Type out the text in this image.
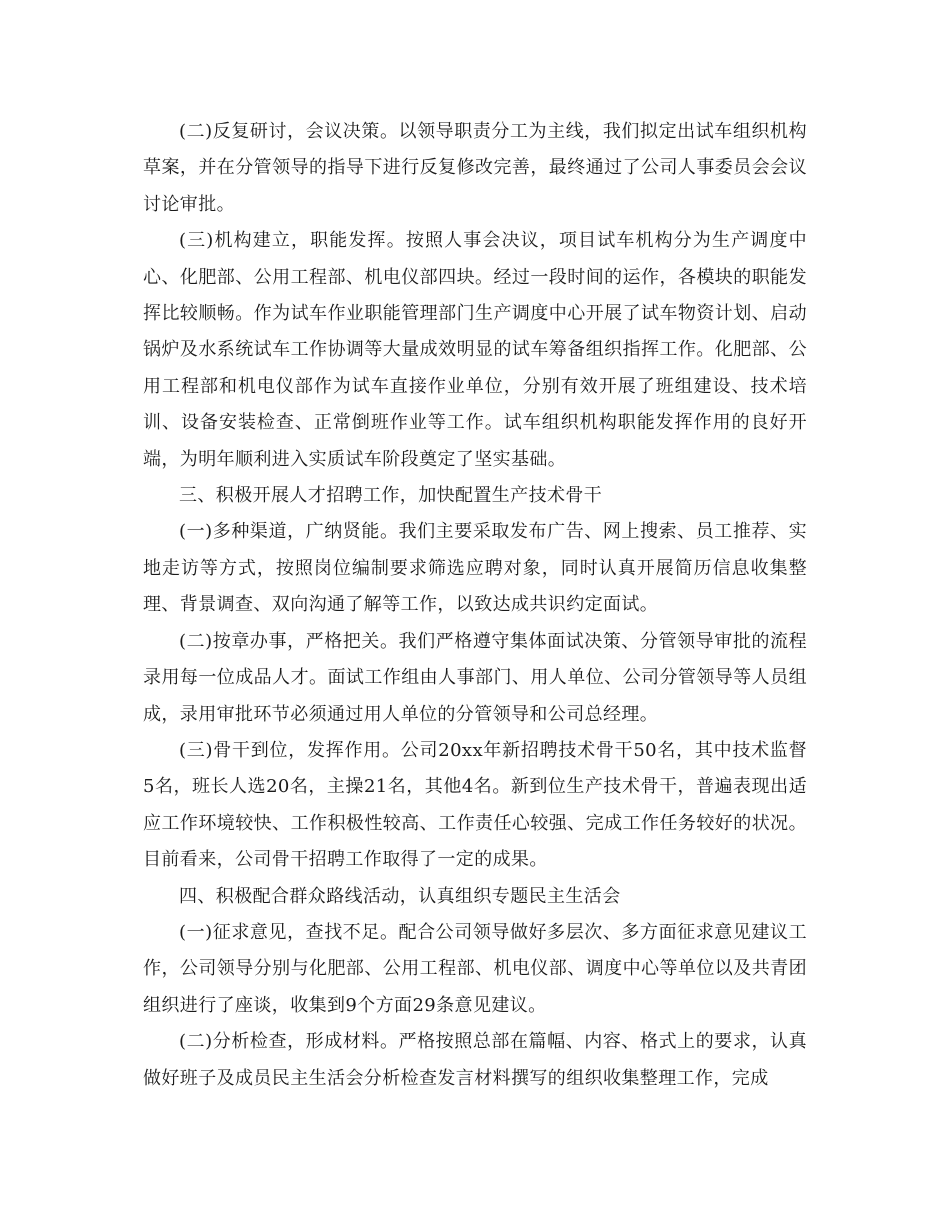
(二)反复研讨，会议决策。以领导职责分工为主线，我们拟定出试车组织机构草案，并在分管领导的指导下进行反复修改完善，最终通过了公司人事委员会会议讨论审批。

(三)机构建立，职能发挥。按照人事会决议，项目试车机构分为生产调度中心、化肥部、公用工程部、机电仪部四块。经过一段时间的运作，各模块的职能发挥比较顺畅。作为试车作业职能管理部门生产调度中心开展了试车物资计划、启动锅炉及水系统试车工作协调等大量成效明显的试车筹备组织指挥工作。化肥部、公用工程部和机电仪部作为试车直接作业单位，分别有效开展了班组建设、技术培训、设备安装检查、正常倒班作业等工作。试车组织机构职能发挥作用的良好开端，为明年顺利进入实质试车阶段奠定了坚实基础。

三、积极开展人才招聘工作，加快配置生产技术骨干

(一)多种渠道，广纳贤能。我们主要采取发布广告、网上搜索、员工推荐、实地走访等方式，按照岗位编制要求筛选应聘对象，同时认真开展简历信息收集整理、背景调查、双向沟通了解等工作，以致达成共识约定面试。

(二)按章办事，严格把关。我们严格遵守集体面试决策、分管领导审批的流程录用每一位成品人才。面试工作组由人事部门、用人单位、公司分管领导等人员组成，录用审批环节必须通过用人单位的分管领导和公司总经理。

(三)骨干到位，发挥作用。公司20xx年新招聘技术骨干50名，其中技术监督5名，班长人选20名，主操21名，其他4名。新到位生产技术骨干，普遍表现出适应工作环境较快、工作积极性较高、工作责任心较强、完成工作任务较好的状况。目前看来，公司骨干招聘工作取得了一定的成果。

四、积极配合群众路线活动，认真组织专题民主生活会

(一)征求意见，查找不足。配合公司领导做好多层次、多方面征求意见建议工作，公司领导分别与化肥部、公用工程部、机电仪部、调度中心等单位以及共青团组织进行了座谈，收集到9个方面29条意见建议。

(二)分析检查，形成材料。严格按照总部在篇幅、内容、格式上的要求，认真做好班子及成员民主生活会分析检查发言材料撰写的组织收集整理工作，完成
